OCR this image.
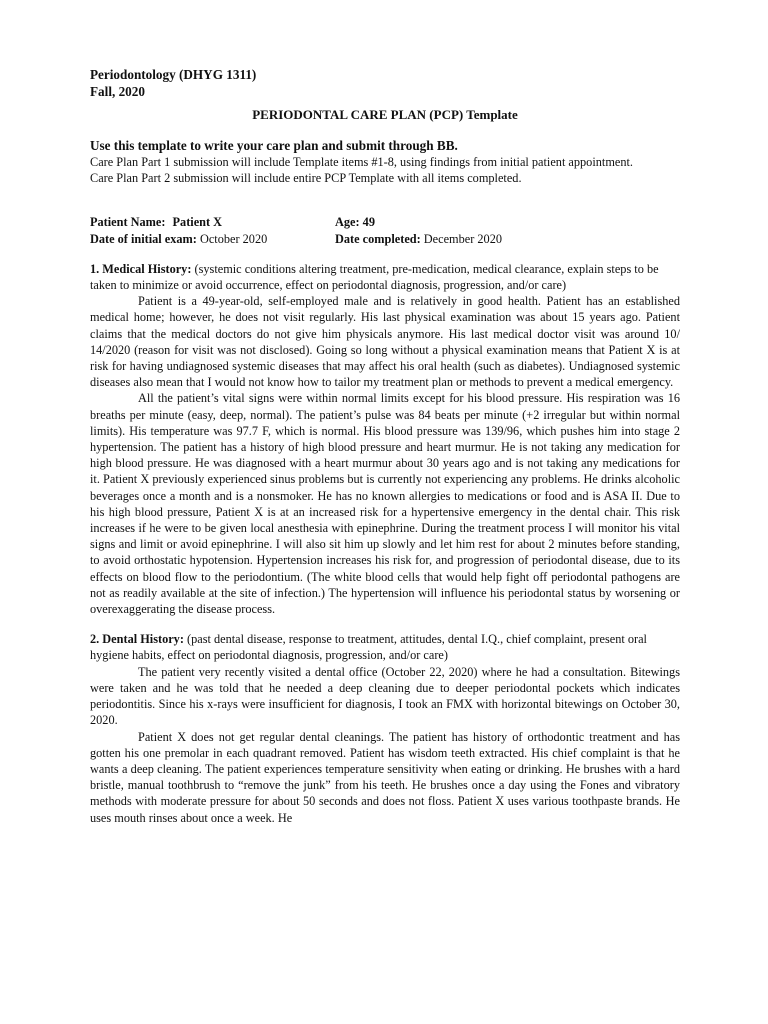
Periodontology (DHYG 1311)
Fall, 2020
PERIODONTAL CARE PLAN (PCP) Template
Use this template to write your care plan and submit through BB.

Care Plan Part 1 submission will include Template items #1-8, using findings from initial patient appointment.

Care Plan Part 2 submission will include entire PCP Template with all items completed.

Patient Name: Patient X	Age: 49
Date of initial exam: October 2020	Date completed: December 2020

1. Medical History: (systemic conditions altering treatment, pre-medication, medical clearance, explain steps to be taken to minimize or avoid occurrence, effect on periodontal diagnosis, progression, and/or care)

Patient is a 49-year-old, self-employed male and is relatively in good health. Patient has an established medical home; however, he does not visit regularly. His last physical examination was about 15 years ago. Patient claims that the medical doctors do not give him physicals anymore. His last medical doctor visit was around 10/ 14/2020 (reason for visit was not disclosed). Going so long without a physical examination means that Patient X is at risk for having undiagnosed systemic diseases that may affect his oral health (such as diabetes). Undiagnosed systemic diseases also mean that I would not know how to tailor my treatment plan or methods to prevent a medical emergency.

All the patient’s vital signs were within normal limits except for his blood pressure. His respiration was 16 breaths per minute (easy, deep, normal). The patient’s pulse was 84 beats per minute (+2 irregular but within normal limits). His temperature was 97.7 F, which is normal. His blood pressure was 139/96, which pushes him into stage 2 hypertension. The patient has a history of high blood pressure and heart murmur. He is not taking any medication for high blood pressure. He was diagnosed with a heart murmur about 30 years ago and is not taking any medications for it. Patient X previously experienced sinus problems but is currently not experiencing any problems. He drinks alcoholic beverages once a month and is a nonsmoker. He has no known allergies to medications or food and is ASA II. Due to his high blood pressure, Patient X is at an increased risk for a hypertensive emergency in the dental chair. This risk increases if he were to be given local anesthesia with epinephrine. During the treatment process I will monitor his vital signs and limit or avoid epinephrine. I will also sit him up slowly and let him rest for about 2 minutes before standing, to avoid orthostatic hypotension. Hypertension increases his risk for, and progression of periodontal disease, due to its effects on blood flow to the periodontium. (The white blood cells that would help fight off periodontal pathogens are not as readily available at the site of infection.) The hypertension will influence his periodontal status by worsening or overexaggerating the disease process.

2. Dental History: (past dental disease, response to treatment, attitudes, dental I.Q., chief complaint, present oral hygiene habits, effect on periodontal diagnosis, progression, and/or care)

The patient very recently visited a dental office (October 22, 2020) where he had a consultation. Bitewings were taken and he was told that he needed a deep cleaning due to deeper periodontal pockets which indicates periodontitis. Since his x-rays were insufficient for diagnosis, I took an FMX with horizontal bitewings on October 30, 2020.

Patient X does not get regular dental cleanings. The patient has history of orthodontic treatment and has gotten his one premolar in each quadrant removed. Patient has wisdom teeth extracted. His chief complaint is that he wants a deep cleaning. The patient experiences temperature sensitivity when eating or drinking. He brushes with a hard bristle, manual toothbrush to “remove the junk” from his teeth. He brushes once a day using the Fones and vibratory methods with moderate pressure for about 50 seconds and does not floss. Patient X uses various toothpaste brands. He uses mouth rinses about once a week. He
